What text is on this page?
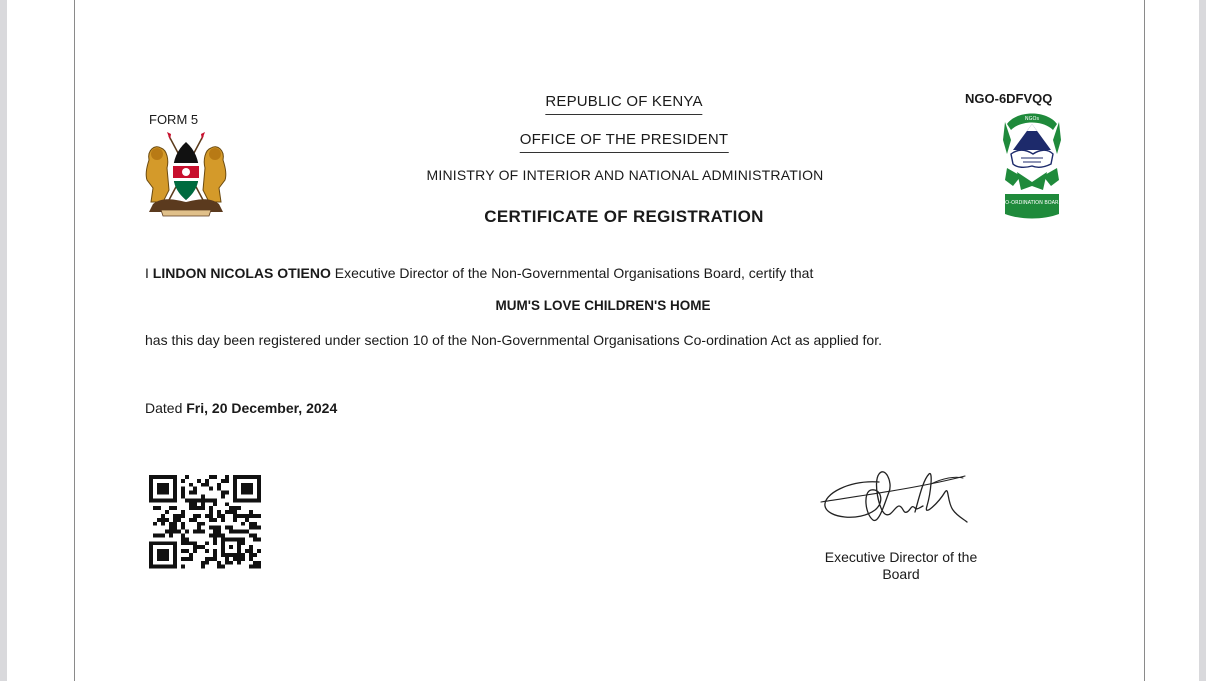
FORM 5
REPUBLIC OF KENYA
OFFICE OF THE PRESIDENT
MINISTRY OF INTERIOR AND NATIONAL ADMINISTRATION
CERTIFICATE OF REGISTRATION
NGO-6DFVQQ
NGOs
CO-ORDINATION BOARD
I LINDON NICOLAS OTIENO Executive Director of the Non-Governmental Organisations Board, certify that
MUM'S LOVE CHILDREN'S HOME
has this day been registered under section 10 of the Non-Governmental Organisations Co-ordination Act as applied for.
Dated Fri, 20 December, 2024
Executive Director of the Board
